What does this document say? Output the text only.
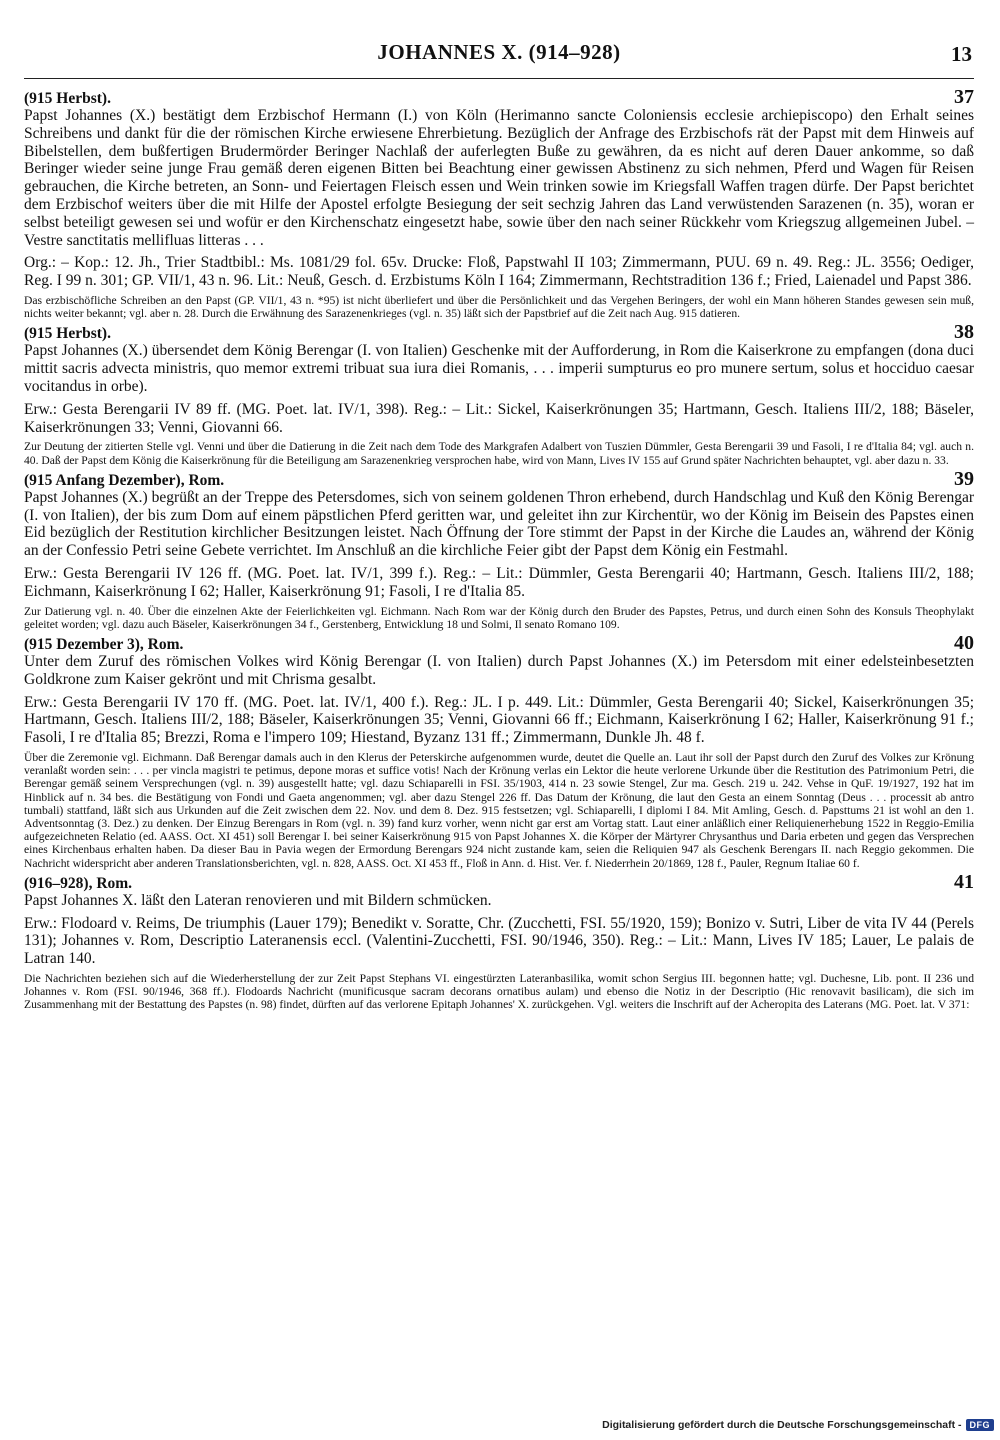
JOHANNES X. (914–928)	13
(915 Herbst).	37

Papst Johannes (X.) bestätigt dem Erzbischof Hermann (I.) von Köln (Herimanno sancte Coloniensis ecclesie archiepiscopo) den Erhalt seines Schreibens und dankt für die der römischen Kirche erwiesene Ehrerbietung. Bezüglich der Anfrage des Erzbischofs rät der Papst mit dem Hinweis auf Bibelstellen, dem bußfertigen Brudermörder Beringer Nachlaß der auferlegten Buße zu gewähren, da es nicht auf deren Dauer ankomme, so daß Beringer wieder seine junge Frau gemäß deren eigenen Bitten bei Beachtung einer gewissen Abstinenz zu sich nehmen, Pferd und Wagen für Reisen gebrauchen, die Kirche betreten, an Sonn- und Feiertagen Fleisch essen und Wein trinken sowie im Kriegsfall Waffen tragen dürfe. Der Papst berichtet dem Erzbischof weiters über die mit Hilfe der Apostel erfolgte Besiegung der seit sechzig Jahren das Land verwüstenden Sarazenen (n. 35), woran er selbst beteiligt gewesen sei und wofür er den Kirchenschatz eingesetzt habe, sowie über den nach seiner Rückkehr vom Kriegszug allgemeinen Jubel. – Vestre sanctitatis mellifluas litteras . . .

Org.: – Kop.: 12. Jh., Trier Stadtbibl.: Ms. 1081/29 fol. 65v. Drucke: Floß, Papstwahl II 103; Zimmermann, PUU. 69 n. 49. Reg.: JL. 3556; Oediger, Reg. I 99 n. 301; GP. VII/1, 43 n. 96. Lit.: Neuß, Gesch. d. Erzbistums Köln I 164; Zimmermann, Rechtstradition 136 f.; Fried, Laienadel und Papst 386.

Das erzbischöfliche Schreiben an den Papst (GP. VII/1, 43 n. *95) ist nicht überliefert und über die Persönlichkeit und das Vergehen Beringers, der wohl ein Mann höheren Standes gewesen sein muß, nichts weiter bekannt; vgl. aber n. 28. Durch die Erwähnung des Sarazenenkrieges (vgl. n. 35) läßt sich der Papstbrief auf die Zeit nach Aug. 915 datieren.

(915 Herbst).	38

Papst Johannes (X.) übersendet dem König Berengar (I. von Italien) Geschenke mit der Aufforderung, in Rom die Kaiserkrone zu empfangen (dona duci mittit sacris advecta ministris, quo memor extremi tribuat sua iura diei Romanis, . . . imperii sumpturus eo pro munere sertum, solus et hocciduo caesar vocitandus in orbe).

Erw.: Gesta Berengarii IV 89 ff. (MG. Poet. lat. IV/1, 398). Reg.: – Lit.: Sickel, Kaiserkrönungen 35; Hartmann, Gesch. Italiens III/2, 188; Bäseler, Kaiserkrönungen 33; Venni, Giovanni 66.

Zur Deutung der zitierten Stelle vgl. Venni und über die Datierung in die Zeit nach dem Tode des Markgrafen Adalbert von Tuszien Dümmler, Gesta Berengarii 39 und Fasoli, I re d'Italia 84; vgl. auch n. 40. Daß der Papst dem König die Kaiserkrönung für die Beteiligung am Sarazenenkrieg versprochen habe, wird von Mann, Lives IV 155 auf Grund später Nachrichten behauptet, vgl. aber dazu n. 33.

(915 Anfang Dezember), Rom.	39

Papst Johannes (X.) begrüßt an der Treppe des Petersdomes, sich von seinem goldenen Thron erhebend, durch Handschlag und Kuß den König Berengar (I. von Italien), der bis zum Dom auf einem päpstlichen Pferd geritten war, und geleitet ihn zur Kirchentür, wo der König im Beisein des Papstes einen Eid bezüglich der Restitution kirchlicher Besitzungen leistet. Nach Öffnung der Tore stimmt der Papst in der Kirche die Laudes an, während der König an der Confessio Petri seine Gebete verrichtet. Im Anschluß an die kirchliche Feier gibt der Papst dem König ein Festmahl.

Erw.: Gesta Berengarii IV 126 ff. (MG. Poet. lat. IV/1, 399 f.). Reg.: – Lit.: Dümmler, Gesta Berengarii 40; Hartmann, Gesch. Italiens III/2, 188; Eichmann, Kaiserkrönung I 62; Haller, Kaiserkrönung 91; Fasoli, I re d'Italia 85.

Zur Datierung vgl. n. 40. Über die einzelnen Akte der Feierlichkeiten vgl. Eichmann. Nach Rom war der König durch den Bruder des Papstes, Petrus, und durch einen Sohn des Konsuls Theophylakt geleitet worden; vgl. dazu auch Bäseler, Kaiserkrönungen 34 f., Gerstenberg, Entwicklung 18 und Solmi, Il senato Romano 109.

(915 Dezember 3), Rom.	40

Unter dem Zuruf des römischen Volkes wird König Berengar (I. von Italien) durch Papst Johannes (X.) im Petersdom mit einer edelsteinbesetzten Goldkrone zum Kaiser gekrönt und mit Chrisma gesalbt.

Erw.: Gesta Berengarii IV 170 ff. (MG. Poet. lat. IV/1, 400 f.). Reg.: JL. I p. 449. Lit.: Dümmler, Gesta Berengarii 40; Sickel, Kaiserkrönungen 35; Hartmann, Gesch. Italiens III/2, 188; Bäseler, Kaiserkrönungen 35; Venni, Giovanni 66 ff.; Eichmann, Kaiserkrönung I 62; Haller, Kaiserkrönung 91 f.; Fasoli, I re d'Italia 85; Brezzi, Roma e l'impero 109; Hiestand, Byzanz 131 ff.; Zimmermann, Dunkle Jh. 48 f.

Über die Zeremonie vgl. Eichmann. Daß Berengar damals auch in den Klerus der Peterskirche aufgenommen wurde, deutet die Quelle an. Laut ihr soll der Papst durch den Zuruf des Volkes zur Krönung veranlaßt worden sein: . . . per vincla magistri te petimus, depone moras et suffice votis! Nach der Krönung verlas ein Lektor die heute verlorene Urkunde über die Restitution des Patrimonium Petri, die Berengar gemäß seinem Versprechungen (vgl. n. 39) ausgestellt hatte; vgl. dazu Schiaparelli in FSI. 35/1903, 414 n. 23 sowie Stengel, Zur ma. Gesch. 219 u. 242. Vehse in QuF. 19/1927, 192 hat im Hinblick auf n. 34 bes. die Bestätigung von Fondi und Gaeta angenommen; vgl. aber dazu Stengel 226 ff. Das Datum der Krönung, die laut den Gesta an einem Sonntag (Deus . . . processit ab antro tumbali) stattfand, läßt sich aus Urkunden auf die Zeit zwischen dem 22. Nov. und dem 8. Dez. 915 festsetzen; vgl. Schiaparelli, I diplomi I 84. Mit Amling, Gesch. d. Papsttums 21 ist wohl an den 1. Adventsonntag (3. Dez.) zu denken. Der Einzug Berengars in Rom (vgl. n. 39) fand kurz vorher, wenn nicht gar erst am Vortag statt. Laut einer anläßlich einer Reliquienerhebung 1522 in Reggio-Emilia aufgezeichneten Relatio (ed. AASS. Oct. XI 451) soll Berengar I. bei seiner Kaiserkrönung 915 von Papst Johannes X. die Körper der Märtyrer Chrysanthus und Daria erbeten und gegen das Versprechen eines Kirchenbaus erhalten haben. Da dieser Bau in Pavia wegen der Ermordung Berengars 924 nicht zustande kam, seien die Reliquien 947 als Geschenk Berengars II. nach Reggio gekommen. Die Nachricht widerspricht aber anderen Translationsberichten, vgl. n. 828, AASS. Oct. XI 453 ff., Floß in Ann. d. Hist. Ver. f. Niederrhein 20/1869, 128 f., Pauler, Regnum Italiae 60 f.

(916–928), Rom.	41

Papst Johannes X. läßt den Lateran renovieren und mit Bildern schmücken.

Erw.: Flodoard v. Reims, De triumphis (Lauer 179); Benedikt v. Soratte, Chr. (Zucchetti, FSI. 55/1920, 159); Bonizo v. Sutri, Liber de vita IV 44 (Perels 131); Johannes v. Rom, Descriptio Lateranensis eccl. (Valentini-Zucchetti, FSI. 90/1946, 350). Reg.: – Lit.: Mann, Lives IV 185; Lauer, Le palais de Latran 140.

Die Nachrichten beziehen sich auf die Wiederherstellung der zur Zeit Papst Stephans VI. eingestürzten Lateranbasilika, womit schon Sergius III. begonnen hatte; vgl. Duchesne, Lib. pont. II 236 und Johannes v. Rom (FSI. 90/1946, 368 ff.). Flodoards Nachricht (munificusque sacram decorans ornatibus aulam) und ebenso die Notiz in der Descriptio (Hic renovavit basilicam), die sich im Zusammenhang mit der Bestattung des Papstes (n. 98) findet, dürften auf das verlorene Epitaph Johannes' X. zurückgehen. Vgl. weiters die Inschrift auf der Acheropita des Laterans (MG. Poet. lat. V 371:

Digitalisierung gefördert durch die Deutsche Forschungsgemeinschaft - DFG
